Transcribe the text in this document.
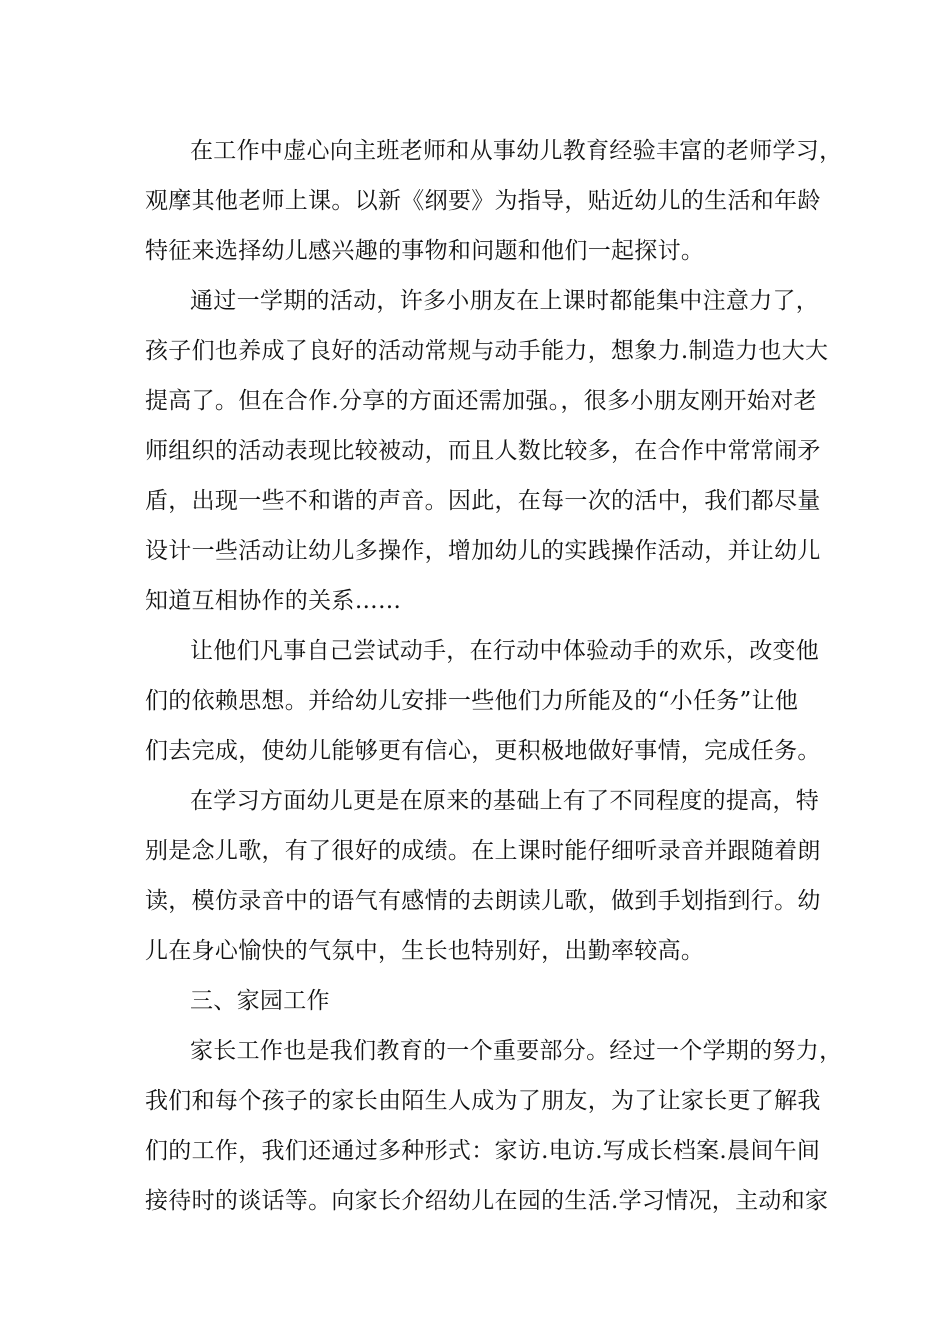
在工作中虚心向主班老师和从事幼儿教育经验丰富的老师学习，
观摩其他老师上课。以新《纲要》为指导，贴近幼儿的生活和年龄
特征来选择幼儿感兴趣的事物和问题和他们一起探讨。
通过一学期的活动，许多小朋友在上课时都能集中注意力了，
孩子们也养成了良好的活动常规与动手能力，想象力.制造力也大大
提高了。但在合作.分享的方面还需加强。，很多小朋友刚开始对老
师组织的活动表现比较被动，而且人数比较多，在合作中常常闹矛
盾，出现一些不和谐的声音。因此，在每一次的活中，我们都尽量
设计一些活动让幼儿多操作，增加幼儿的实践操作活动，并让幼儿
知道互相协作的关系……
让他们凡事自己尝试动手，在行动中体验动手的欢乐，改变他
们的依赖思想。并给幼儿安排一些他们力所能及的“小任务”让他
们去完成，使幼儿能够更有信心，更积极地做好事情，完成任务。
在学习方面幼儿更是在原来的基础上有了不同程度的提高，特
别是念儿歌，有了很好的成绩。在上课时能仔细听录音并跟随着朗
读，模仿录音中的语气有感情的去朗读儿歌，做到手划指到行。幼
儿在身心愉快的气氛中，生长也特别好，出勤率较高。
三、家园工作
家长工作也是我们教育的一个重要部分。经过一个学期的努力，
我们和每个孩子的家长由陌生人成为了朋友，为了让家长更了解我
们的工作，我们还通过多种形式：家访.电访.写成长档案.晨间午间
接待时的谈话等。向家长介绍幼儿在园的生活.学习情况，主动和家
